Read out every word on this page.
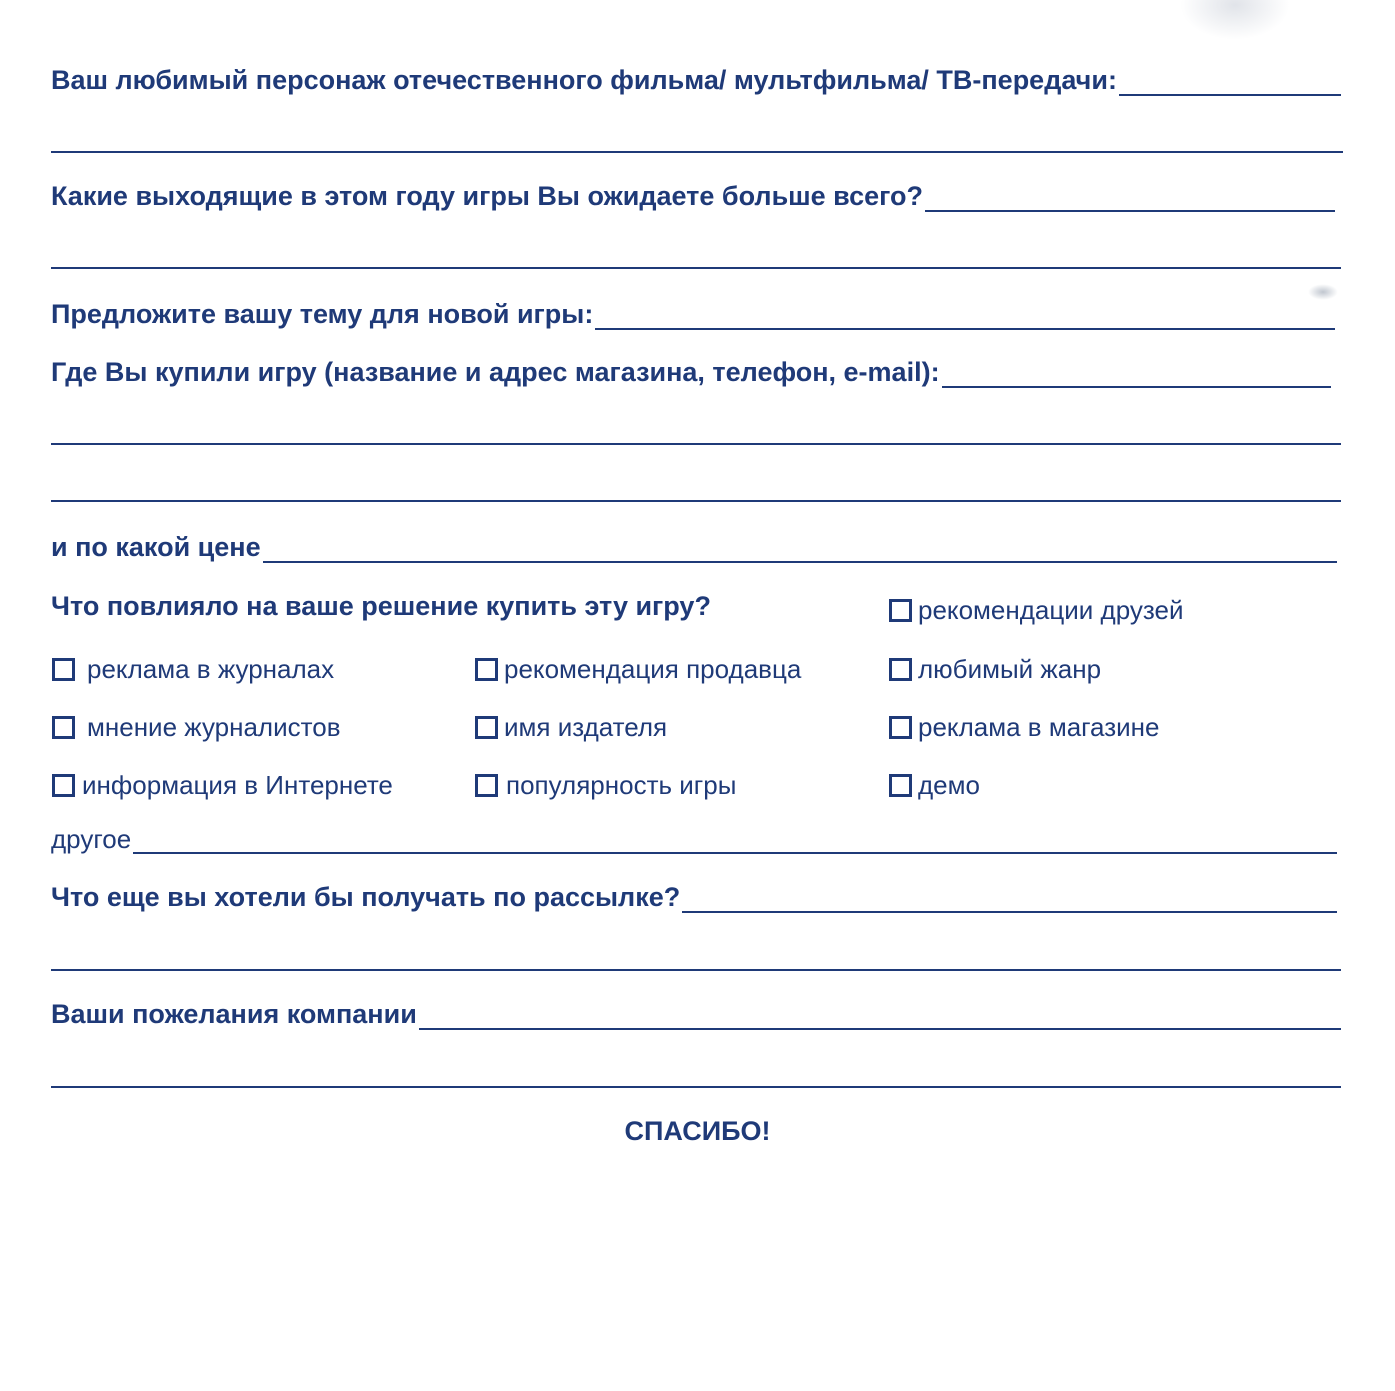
Ваш любимый персонаж отечественного фильма/ мультфильма/ ТВ-передачи:
Какие выходящие в этом году игры Вы ожидаете больше всего?
Предложите вашу тему для новой игры:
Где Вы купили игру (название и адрес магазина, телефон, e-mail):
и по какой цене
Что повлияло на ваше решение купить эту игру?	рекомендации друзей
реклама в журналах
мнение журналистов
информация в Интернете
рекомендация продавца
имя издателя
популярность игры
любимый жанр
реклама в магазине
демо
другое
Что еще вы хотели бы получать по рассылке?
Ваши пожелания компании
СПАСИБО!
